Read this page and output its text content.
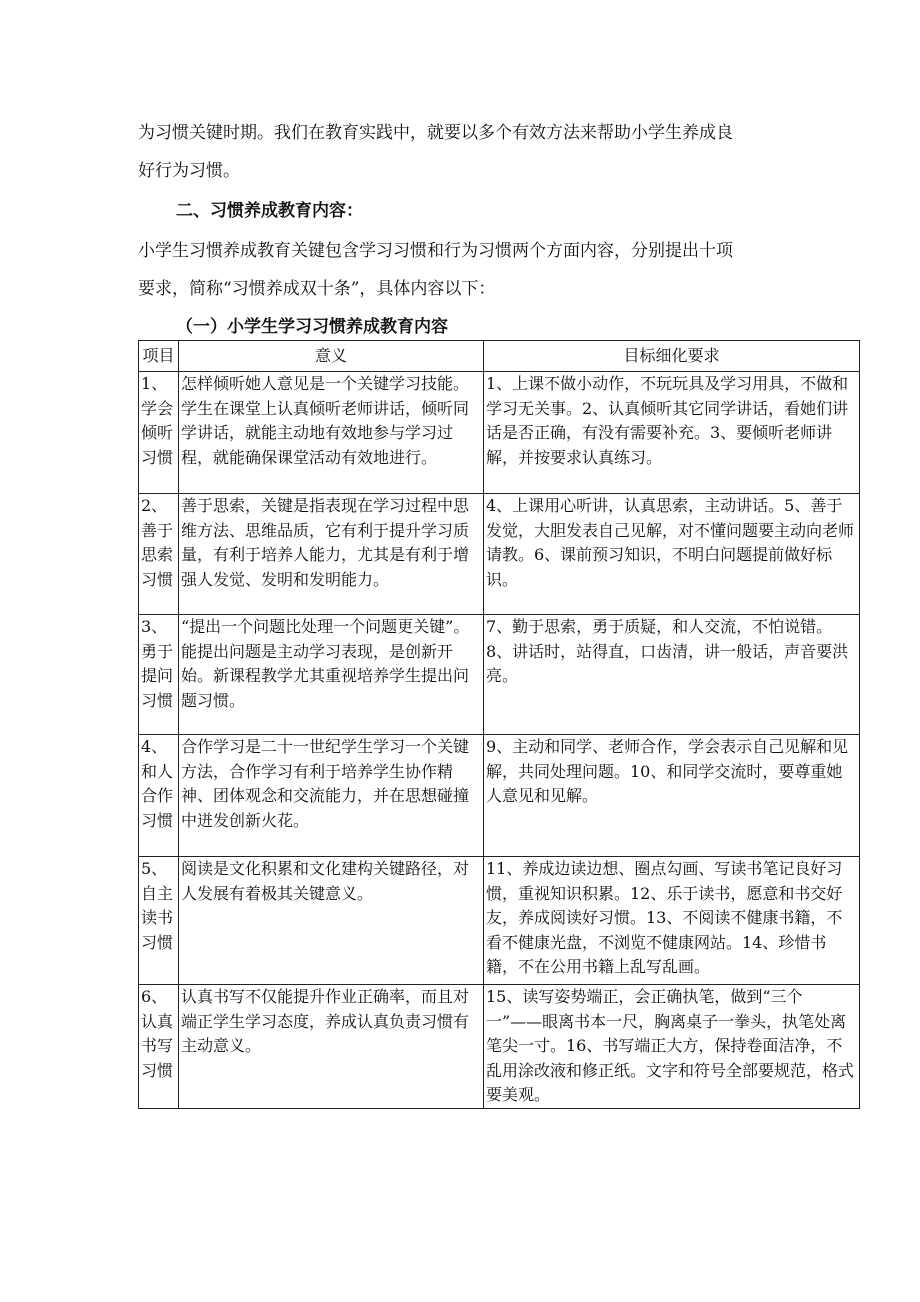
为习惯关键时期。我们在教育实践中，就要以多个有效方法来帮助小学生养成良
好行为习惯。
二、习惯养成教育内容：
小学生习惯养成教育关键包含学习习惯和行为习惯两个方面内容，分别提出十项
要求，简称“习惯养成双十条”，具体内容以下：
（一）小学生学习习惯养成教育内容
项目	意义	目标细化要求
1、学会倾听习惯	怎样倾听她人意见是一个关键学习技能。学生在课堂上认真倾听老师讲话，倾听同学讲话，就能主动地有效地参与学习过程，就能确保课堂活动有效地进行。	1、上课不做小动作，不玩玩具及学习用具，不做和学习无关事。2、认真倾听其它同学讲话，看她们讲话是否正确，有没有需要补充。3、要倾听老师讲解，并按要求认真练习。
2、善于思索习惯	善于思索，关键是指表现在学习过程中思维方法、思维品质，它有利于提升学习质量，有利于培养人能力，尤其是有利于增强人发觉、发明和发明能力。	4、上课用心听讲，认真思索，主动讲话。5、善于发觉，大胆发表自己见解，对不懂问题要主动向老师请教。6、课前预习知识，不明白问题提前做好标识。
3、勇于提问习惯	“提出一个问题比处理一个问题更关键”。能提出问题是主动学习表现，是创新开始。新课程教学尤其重视培养学生提出问题习惯。	7、勤于思索，勇于质疑，和人交流，不怕说错。8、讲话时，站得直，口齿清，讲一般话，声音要洪亮。
4、和人合作习惯	合作学习是二十一世纪学生学习一个关键方法，合作学习有利于培养学生协作精神、团体观念和交流能力，并在思想碰撞中迸发创新火花。	9、主动和同学、老师合作，学会表示自己见解和见解，共同处理问题。10、和同学交流时，要尊重她人意见和见解。
5、自主读书习惯	阅读是文化积累和文化建构关键路径，对人发展有着极其关键意义。	11、养成边读边想、圈点勾画、写读书笔记良好习惯，重视知识积累。12、乐于读书，愿意和书交好友，养成阅读好习惯。13、不阅读不健康书籍，不看不健康光盘，不浏览不健康网站。14、珍惜书籍，不在公用书籍上乱写乱画。
6、认真书写习惯	认真书写不仅能提升作业正确率，而且对端正学生学习态度，养成认真负责习惯有主动意义。	15、读写姿势端正，会正确执笔，做到“三个一”——眼离书本一尺，胸离桌子一拳头，执笔处离笔尖一寸。16、书写端正大方，保持卷面洁净，不乱用涂改液和修正纸。文字和符号全部要规范，格式要美观。
